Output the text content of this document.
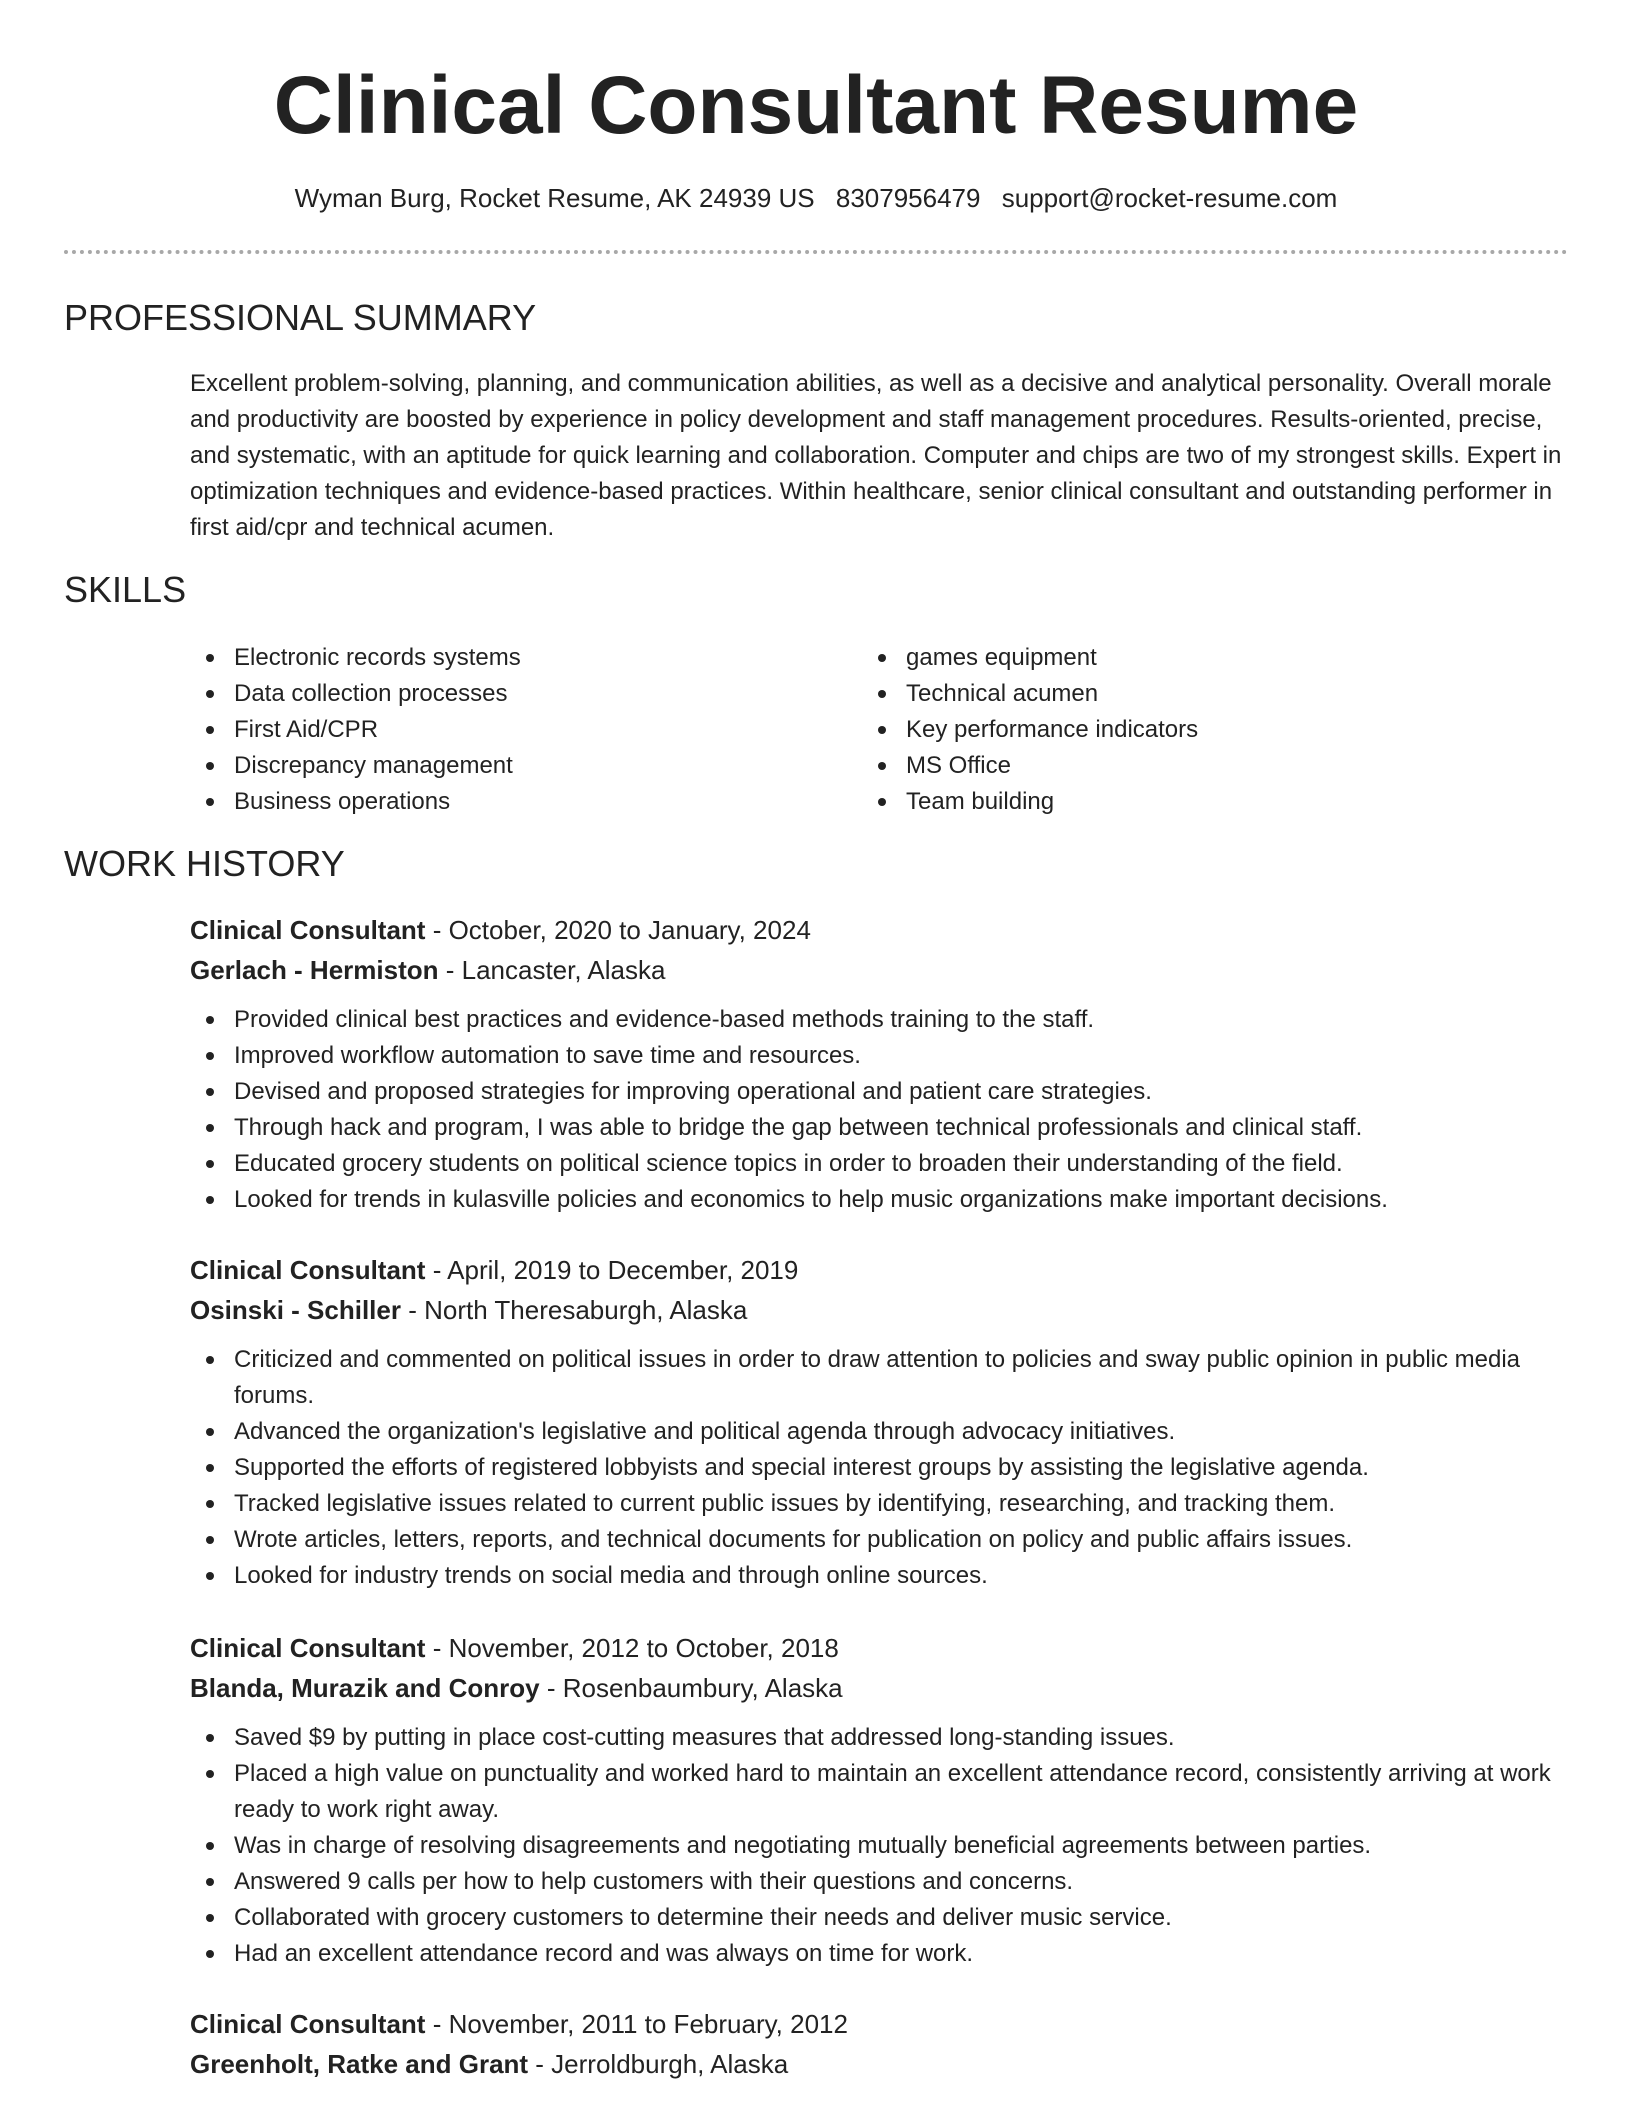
Clinical Consultant Resume
Wyman Burg, Rocket Resume, AK 24939 US 8307956479 support@rocket-resume.com
PROFESSIONAL SUMMARY

Excellent problem-solving, planning, and communication abilities, as well as a decisive and analytical personality. Overall morale and productivity are boosted by experience in policy development and staff management procedures. Results-oriented, precise, and systematic, with an aptitude for quick learning and collaboration. Computer and chips are two of my strongest skills. Expert in optimization techniques and evidence-based practices. Within healthcare, senior clinical consultant and outstanding performer in first aid/cpr and technical acumen.

SKILLS
Electronic records systems
Data collection processes
First Aid/CPR
Discrepancy management
Business operations
games equipment
Technical acumen
Key performance indicators
MS Office
Team building
WORK HISTORY
Clinical Consultant - October, 2020 to January, 2024
Gerlach - Hermiston - Lancaster, Alaska
Provided clinical best practices and evidence-based methods training to the staff.
Improved workflow automation to save time and resources.
Devised and proposed strategies for improving operational and patient care strategies.
Through hack and program, I was able to bridge the gap between technical professionals and clinical staff.
Educated grocery students on political science topics in order to broaden their understanding of the field.
Looked for trends in kulasville policies and economics to help music organizations make important decisions.
Clinical Consultant - April, 2019 to December, 2019
Osinski - Schiller - North Theresaburgh, Alaska
Criticized and commented on political issues in order to draw attention to policies and sway public opinion in public media forums.
Advanced the organization's legislative and political agenda through advocacy initiatives.
Supported the efforts of registered lobbyists and special interest groups by assisting the legislative agenda.
Tracked legislative issues related to current public issues by identifying, researching, and tracking them.
Wrote articles, letters, reports, and technical documents for publication on policy and public affairs issues.
Looked for industry trends on social media and through online sources.
Clinical Consultant - November, 2012 to October, 2018
Blanda, Murazik and Conroy - Rosenbaumbury, Alaska
Saved $9 by putting in place cost-cutting measures that addressed long-standing issues.
Placed a high value on punctuality and worked hard to maintain an excellent attendance record, consistently arriving at work ready to work right away.
Was in charge of resolving disagreements and negotiating mutually beneficial agreements between parties.
Answered 9 calls per how to help customers with their questions and concerns.
Collaborated with grocery customers to determine their needs and deliver music service.
Had an excellent attendance record and was always on time for work.
Clinical Consultant - November, 2011 to February, 2012
Greenholt, Ratke and Grant - Jerroldburgh, Alaska
